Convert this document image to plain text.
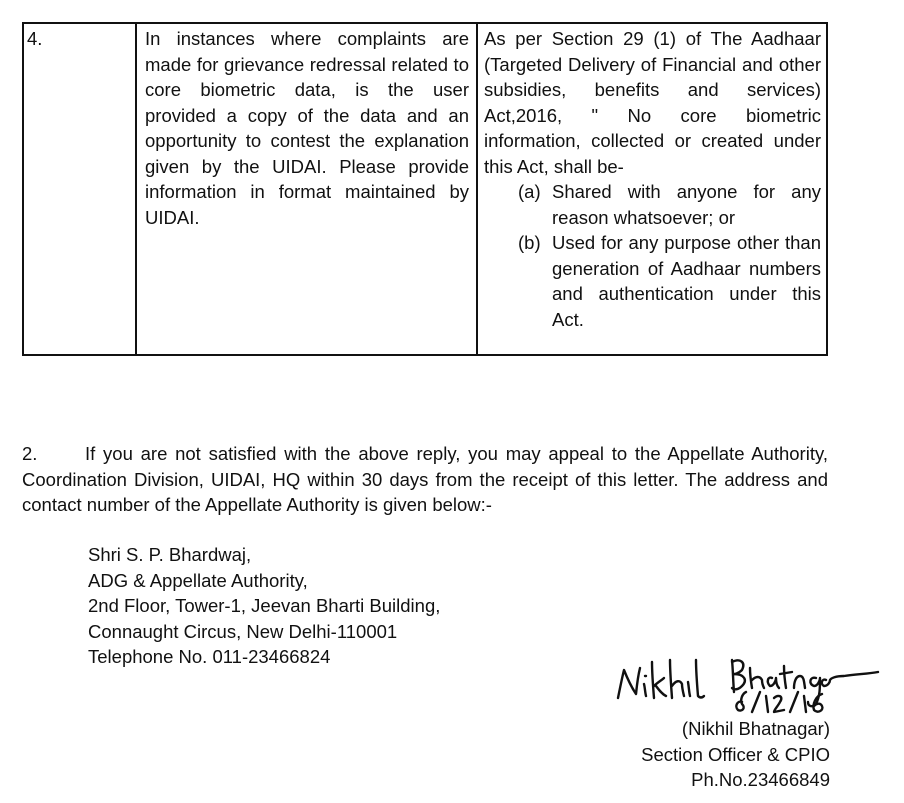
4.	In instances where complaints are made for grievance redressal related to core biometric data, is the user provided a copy of the data and an opportunity to contest the explanation given by the UIDAI. Please provide information in format maintained by UIDAI.
As per Section 29 (1) of The Aadhaar (Targeted Delivery of Financial and other subsidies, benefits and services) Act,2016, " No core biometric information, collected or created under this Act, shall be-
(a) Shared with anyone for any reason whatsoever; or
(b) Used for any purpose other than generation of Aadhaar numbers and authentication under this Act.
2.	If you are not satisfied with the above reply, you may appeal to the Appellate Authority, Coordination Division, UIDAI, HQ within 30 days from the receipt of this letter. The address and contact number of the Appellate Authority is given below:-
Shri S. P. Bhardwaj,
ADG & Appellate Authority,
2nd Floor, Tower-1, Jeevan Bharti Building,
Connaught Circus, New Delhi-110001
Telephone No. 011-23466824
(Nikhil Bhatnagar)
Section Officer & CPIO
Ph.No.23466849
